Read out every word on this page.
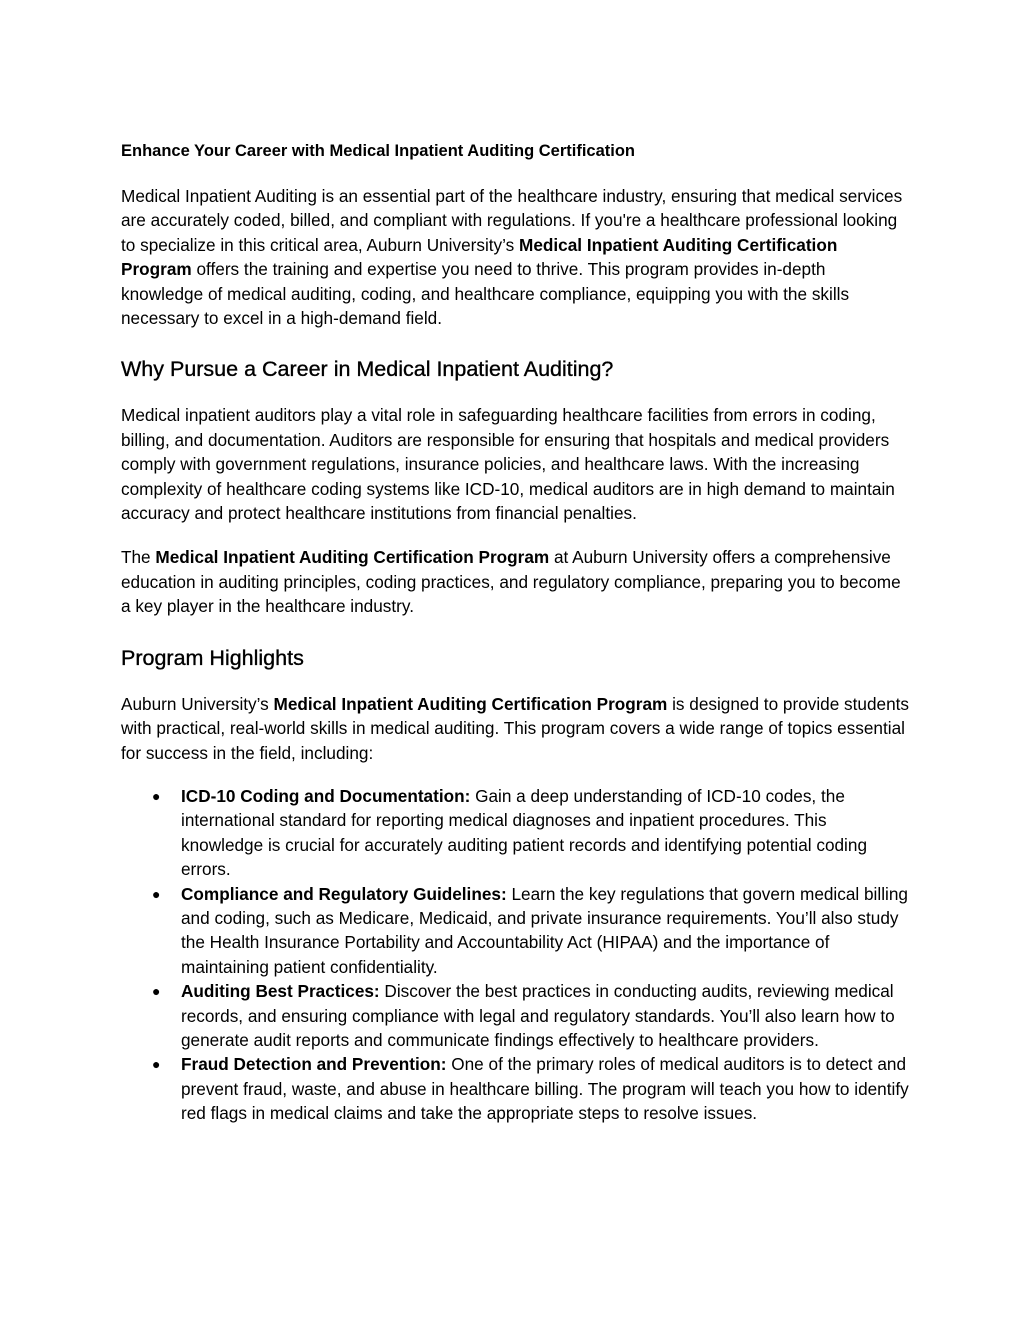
Enhance Your Career with Medical Inpatient Auditing Certification

Medical Inpatient Auditing is an essential part of the healthcare industry, ensuring that medical services are accurately coded, billed, and compliant with regulations. If you're a healthcare professional looking to specialize in this critical area, Auburn University’s Medical Inpatient Auditing Certification Program offers the training and expertise you need to thrive. This program provides in-depth knowledge of medical auditing, coding, and healthcare compliance, equipping you with the skills necessary to excel in a high-demand field.

Why Pursue a Career in Medical Inpatient Auditing?

Medical inpatient auditors play a vital role in safeguarding healthcare facilities from errors in coding, billing, and documentation. Auditors are responsible for ensuring that hospitals and medical providers comply with government regulations, insurance policies, and healthcare laws. With the increasing complexity of healthcare coding systems like ICD-10, medical auditors are in high demand to maintain accuracy and protect healthcare institutions from financial penalties.

The Medical Inpatient Auditing Certification Program at Auburn University offers a comprehensive education in auditing principles, coding practices, and regulatory compliance, preparing you to become a key player in the healthcare industry.

Program Highlights

Auburn University’s Medical Inpatient Auditing Certification Program is designed to provide students with practical, real-world skills in medical auditing. This program covers a wide range of topics essential for success in the field, including:

● ICD-10 Coding and Documentation: Gain a deep understanding of ICD-10 codes, the international standard for reporting medical diagnoses and inpatient procedures. This knowledge is crucial for accurately auditing patient records and identifying potential coding errors.
● Compliance and Regulatory Guidelines: Learn the key regulations that govern medical billing and coding, such as Medicare, Medicaid, and private insurance requirements. You’ll also study the Health Insurance Portability and Accountability Act (HIPAA) and the importance of maintaining patient confidentiality.
● Auditing Best Practices: Discover the best practices in conducting audits, reviewing medical records, and ensuring compliance with legal and regulatory standards. You’ll also learn how to generate audit reports and communicate findings effectively to healthcare providers.
● Fraud Detection and Prevention: One of the primary roles of medical auditors is to detect and prevent fraud, waste, and abuse in healthcare billing. The program will teach you how to identify red flags in medical claims and take the appropriate steps to resolve issues.
